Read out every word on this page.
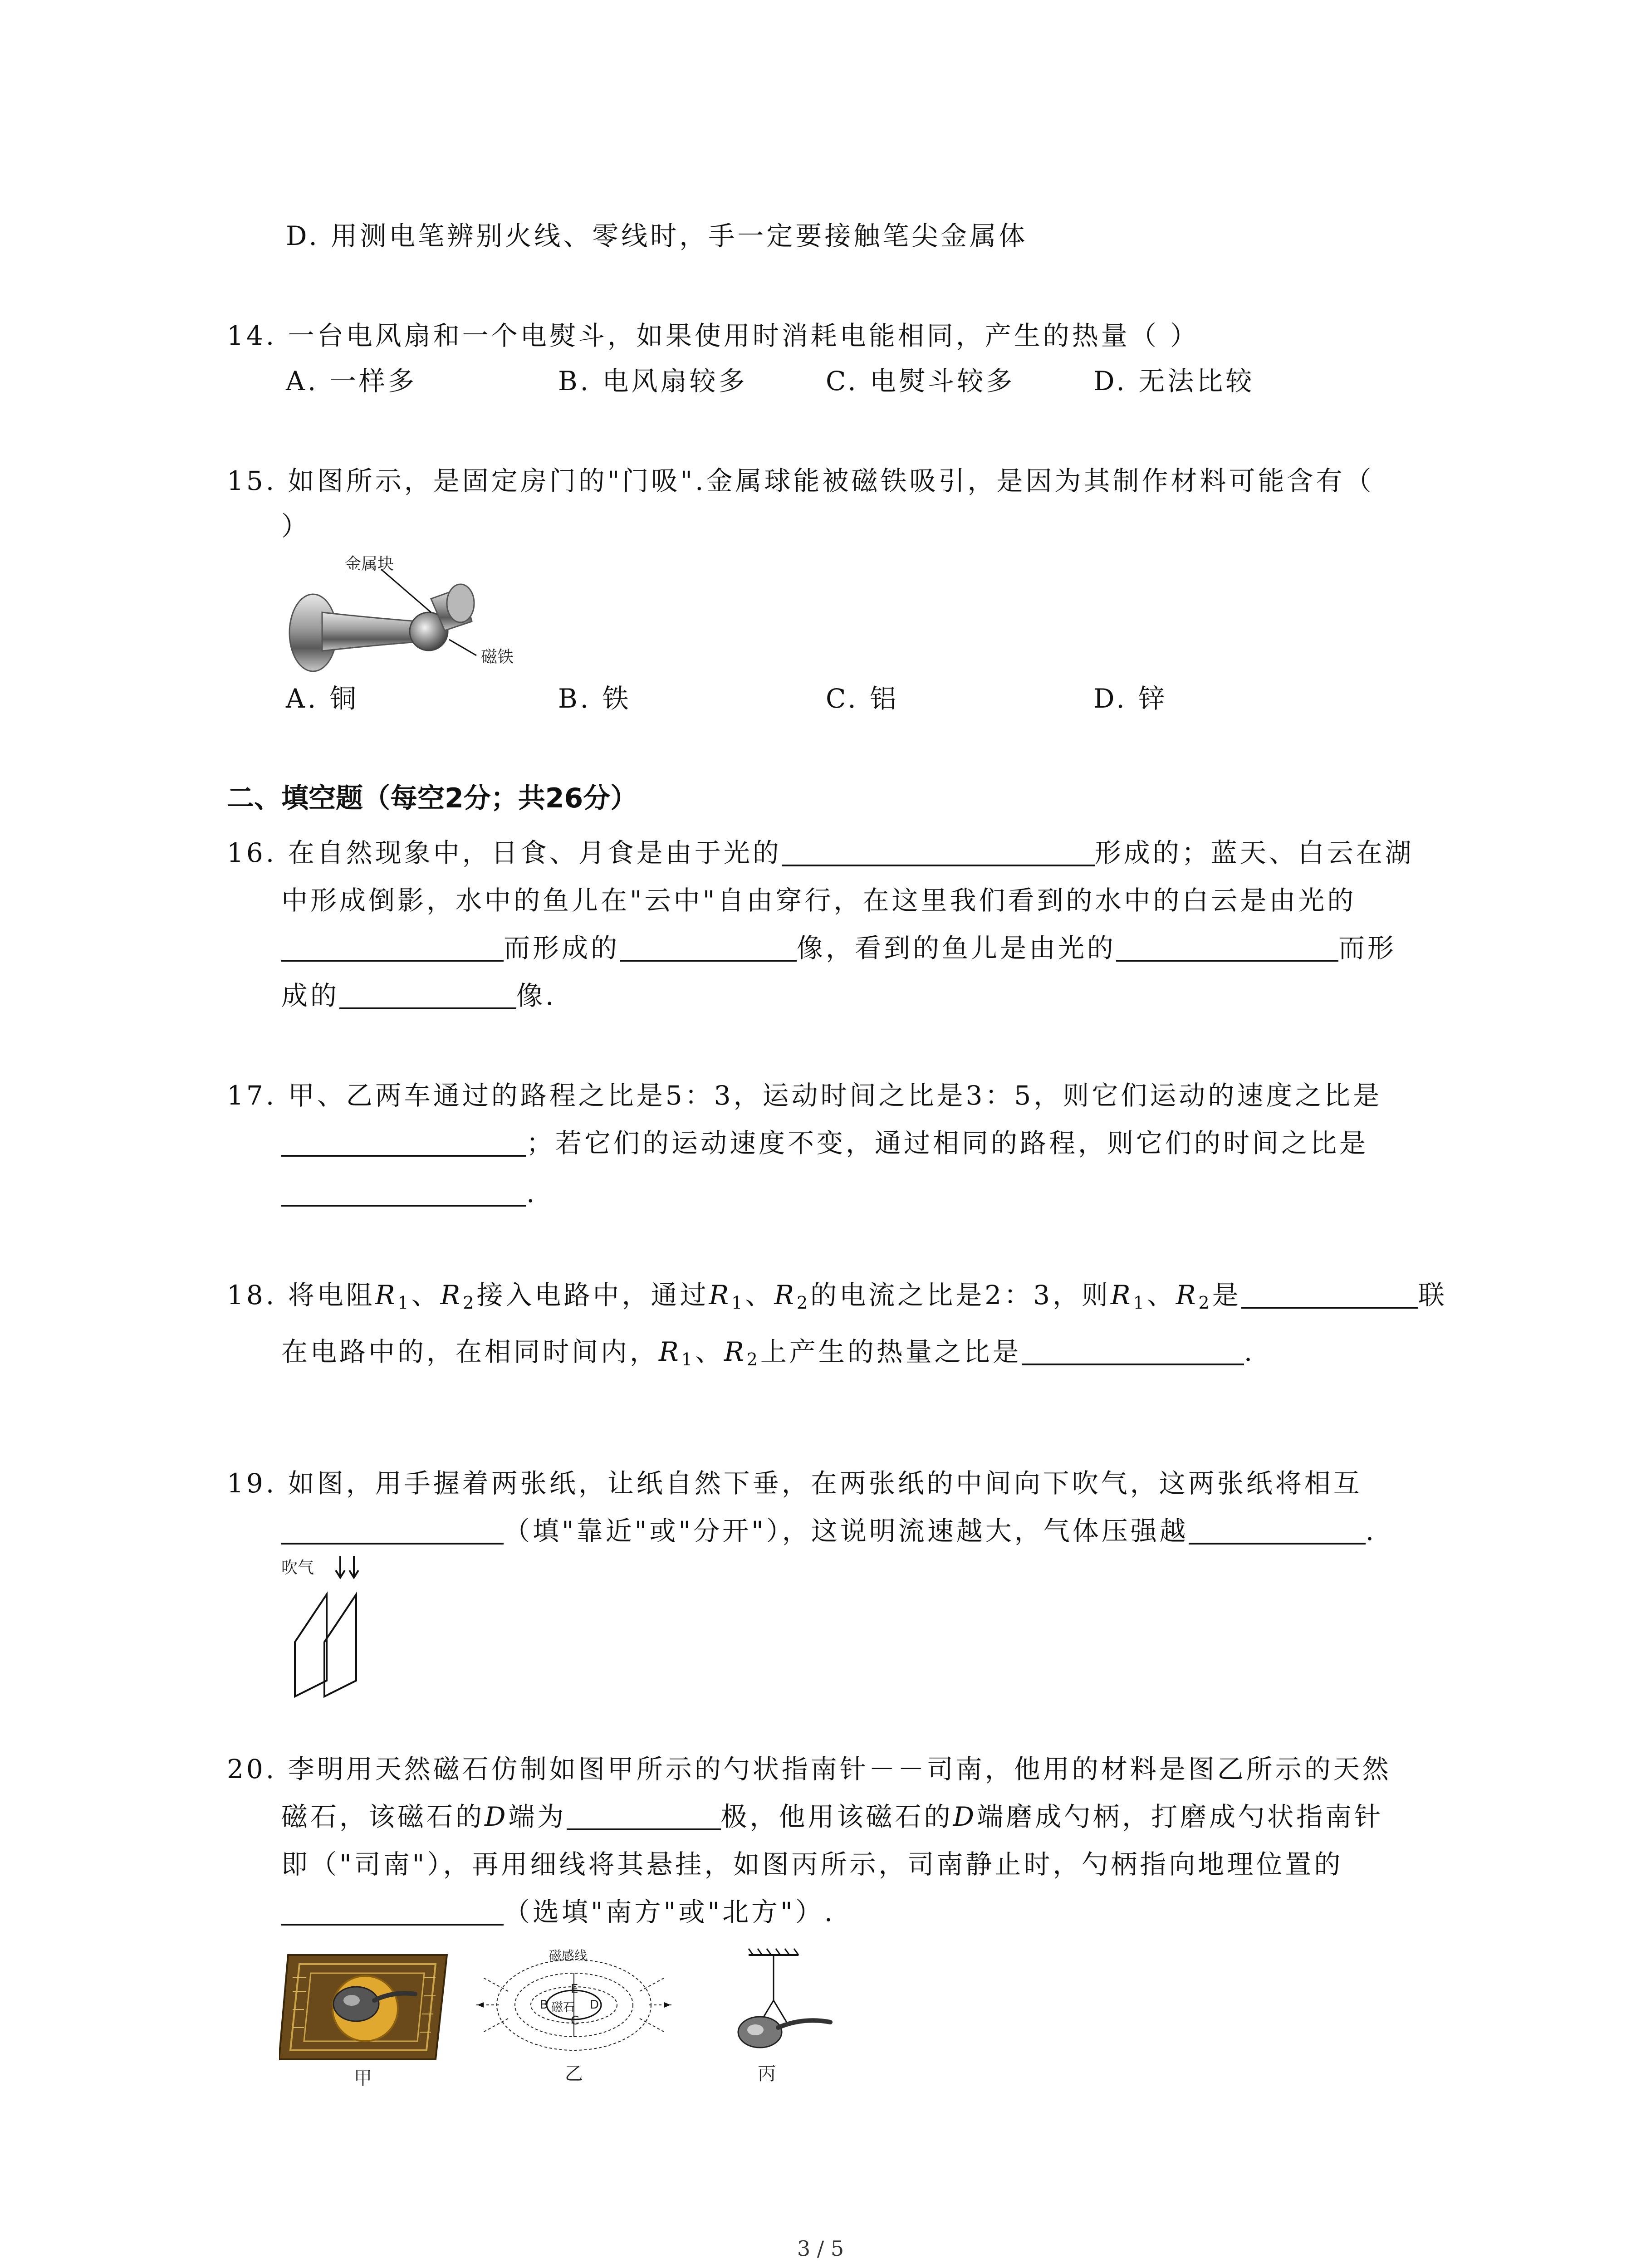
D. 用测电笔辨别火线、零线时，手一定要接触笔尖金属体
14. 一台电风扇和一个电熨斗，如果使用时消耗电能相同，产生的热量（ ）
A. 一样多	B. 电风扇较多	C. 电熨斗较多	D. 无法比较
15. 如图所示，是固定房门的"门吸".金属球能被磁铁吸引，是因为其制作材料可能含有（
）
金属块
磁铁
A. 铜	B. 铁	C. 铝	D. 锌
二、填空题（每空2分；共26分）
16. 在自然现象中，日食、月食是由于光的	形成的；蓝天、白云在湖
中形成倒影，水中的鱼儿在"云中"自由穿行，在这里我们看到的水中的白云是由光的
而形成的	像，看到的鱼儿是由光的	而形
成的	像.
17. 甲、乙两车通过的路程之比是5：3，运动时间之比是3：5，则它们运动的速度之比是
；若它们的运动速度不变，通过相同的路程，则它们的时间之比是
.
18. 将电阻$R_1$、$R_2$接入电路中，通过$R_1$、$R_2$的电流之比是2：3，则$R_1$、$R_2$是	联
在电路中的，在相同时间内，$R_1$、$R_2$上产生的热量之比是	.
19. 如图，用手握着两张纸，让纸自然下垂，在两张纸的中间向下吹气，这两张纸将相互
（填"靠近"或"分开"），这说明流速越大，气体压强越	.
吹气
20. 李明用天然磁石仿制如图甲所示的勺状指南针－－司南，他用的材料是图乙所示的天然
磁石，该磁石的D端为	极，他用该磁石的D端磨成勺柄，打磨成勺状指南针
即（"司南"），再用细线将其悬挂，如图丙所示，司南静止时，勺柄指向地理位置的
（选填"南方"或"北方"）.
甲
磁感线
磁石
B
E
C
D
乙	丙
3 / 5
